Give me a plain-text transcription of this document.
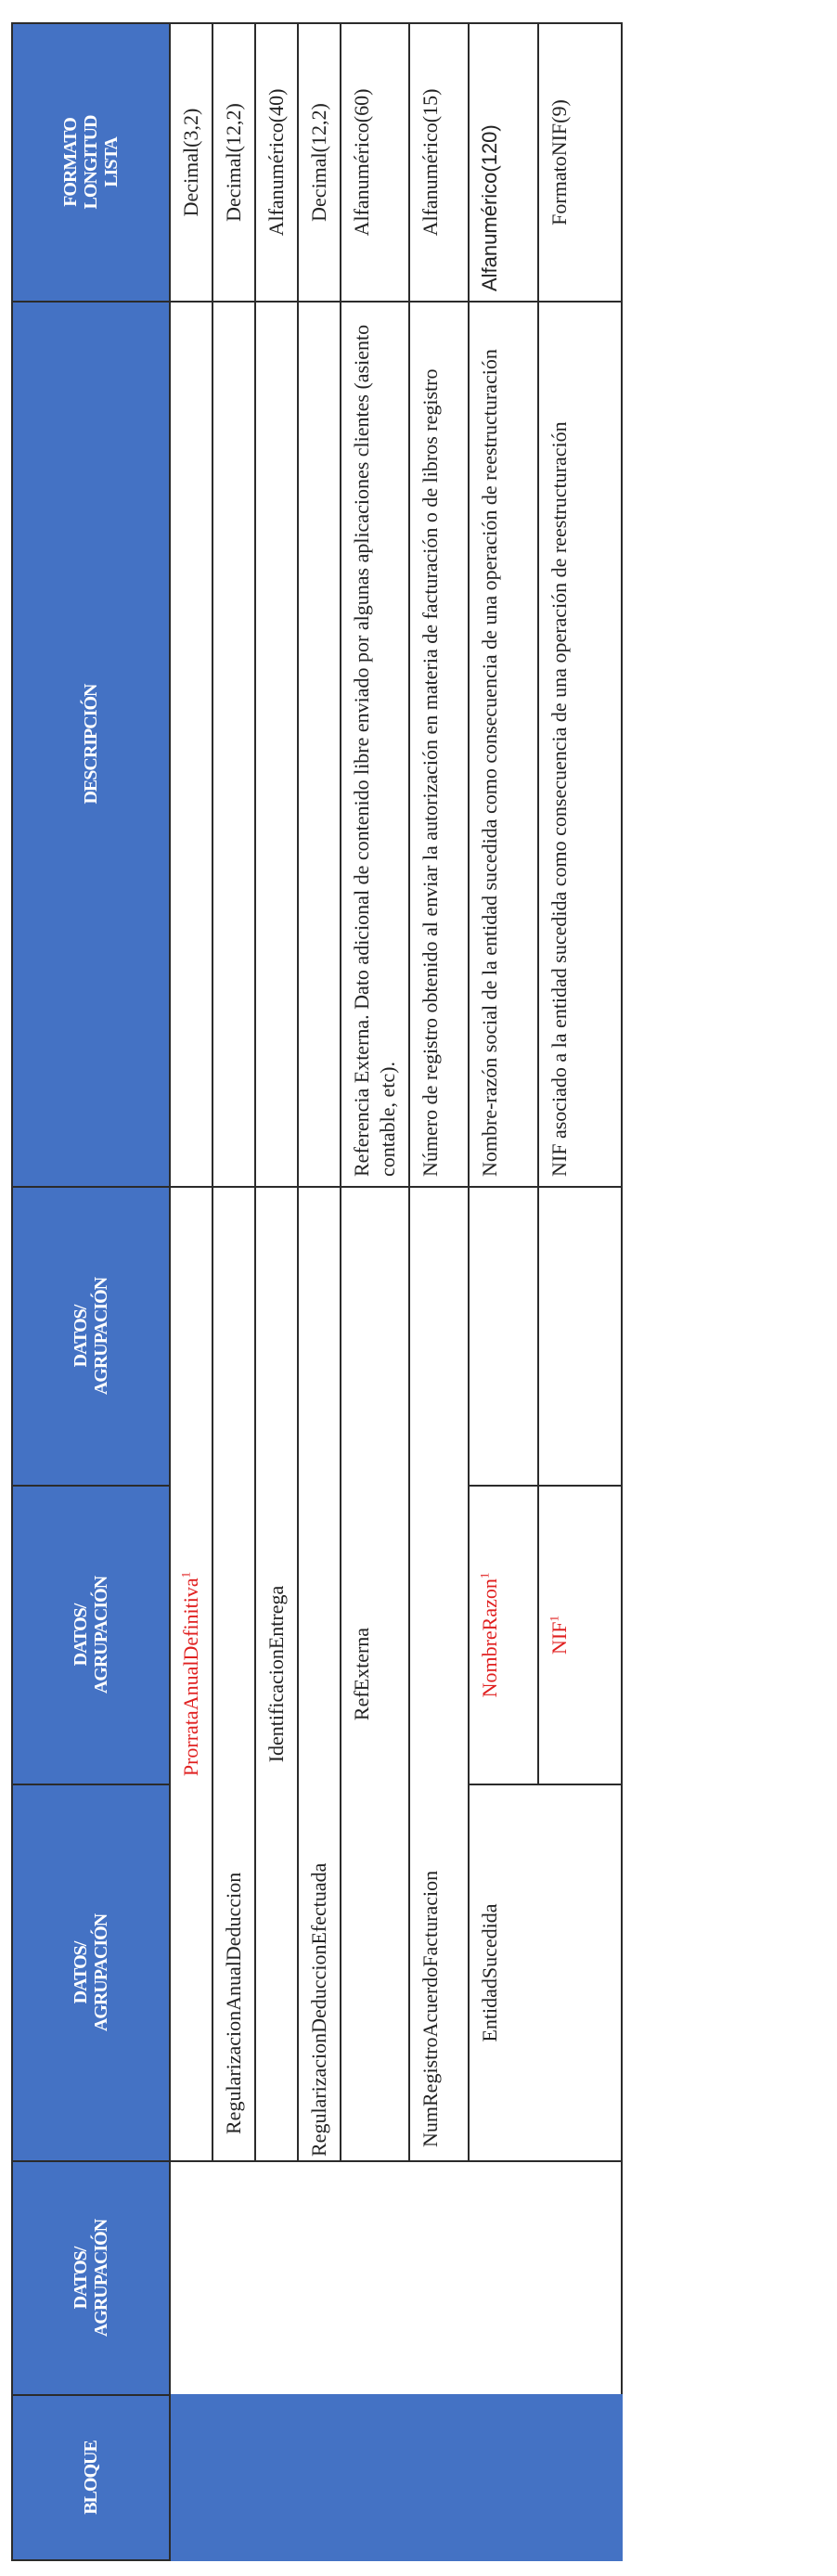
BLOQUE	DATOS/ AGRUPACIÓN	DATOS/ AGRUPACIÓN	DATOS/ AGRUPACIÓN	DATOS/ AGRUPACIÓN	DESCRIPCIÓN	FORMATO LONGITUD LISTA

		ProrrataAnualDefinitiva$^1$				Decimal(3,2)
		RegularizacionAnualDeduccion				Decimal(12,2)
		IdentificacionEntrega				Alfanumérico(40)
		RegularizacionDeduccionEfectuada				Decimal(12,2)
		RefExterna			Referencia Externa. Dato adicional de contenido libre enviado por algunas aplicaciones clientes (asiento contable, etc).	Alfanumérico(60)
		NumRegistroAcuerdoFacturacion			Número de registro obtenido al enviar la autorización en materia de facturación o de libros registro	Alfanumérico(15)
		EntidadSucedida	NombreRazon$^1$		Nombre-razón social de la entidad sucedida como consecuencia de una operación de reestructuración	Alfanumérico(120)
			NIF$^1$		NIF asociado a la entidad sucedida como consecuencia de una operación de reestructuración	FormatoNIF(9)
